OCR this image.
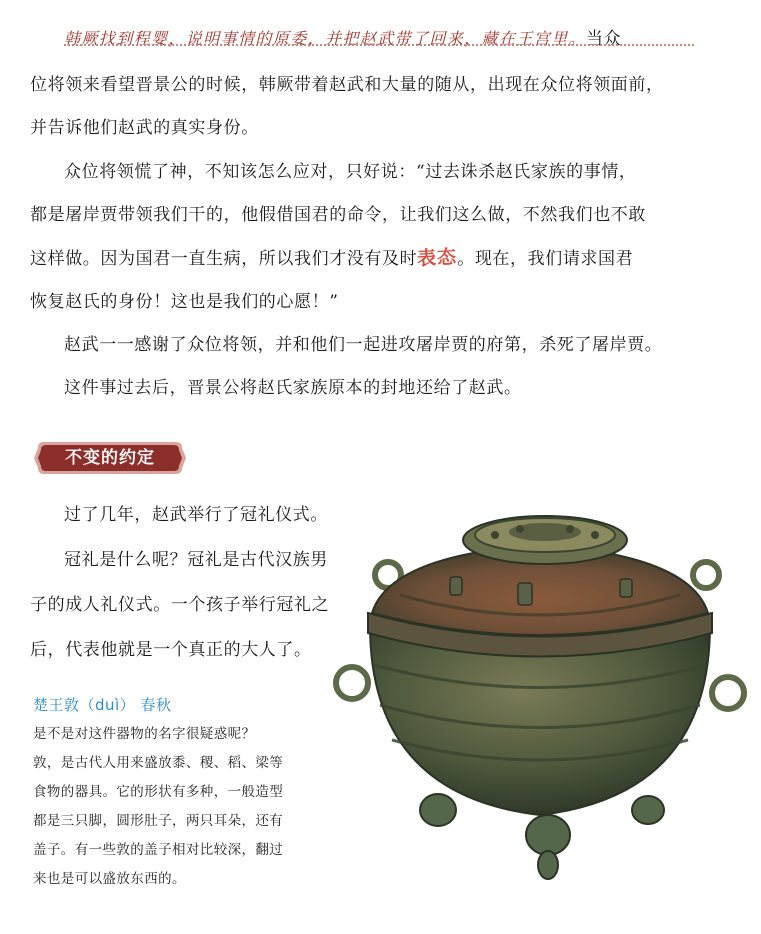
韩厥找到程婴，说明事情的原委，并把赵武带了回来，藏在王宫里。当众
位将领来看望晋景公的时候，韩厥带着赵武和大量的随从，出现在众位将领面前，
并告诉他们赵武的真实身份。
众位将领慌了神，不知该怎么应对，只好说：“过去诛杀赵氏家族的事情，
都是屠岸贾带领我们干的，他假借国君的命令，让我们这么做，不然我们也不敢
这样做。因为国君一直生病，所以我们才没有及时表态。现在，我们请求国君
恢复赵氏的身份！这也是我们的心愿！”
赵武一一感谢了众位将领，并和他们一起进攻屠岸贾的府第，杀死了屠岸贾。
这件事过去后，晋景公将赵氏家族原本的封地还给了赵武。
不变的约定
过了几年，赵武举行了冠礼仪式。
冠礼是什么呢？冠礼是古代汉族男
子的成人礼仪式。一个孩子举行冠礼之
后，代表他就是一个真正的大人了。
楚王敦（duì） 春秋
是不是对这件器物的名字很疑惑呢？
敦，是古代人用来盛放黍、稷、稻、梁等
食物的器具。它的形状有多种，一般造型
都是三只脚，圆形肚子，两只耳朵，还有
盖子。有一些敦的盖子相对比较深，翻过
来也是可以盛放东西的。
